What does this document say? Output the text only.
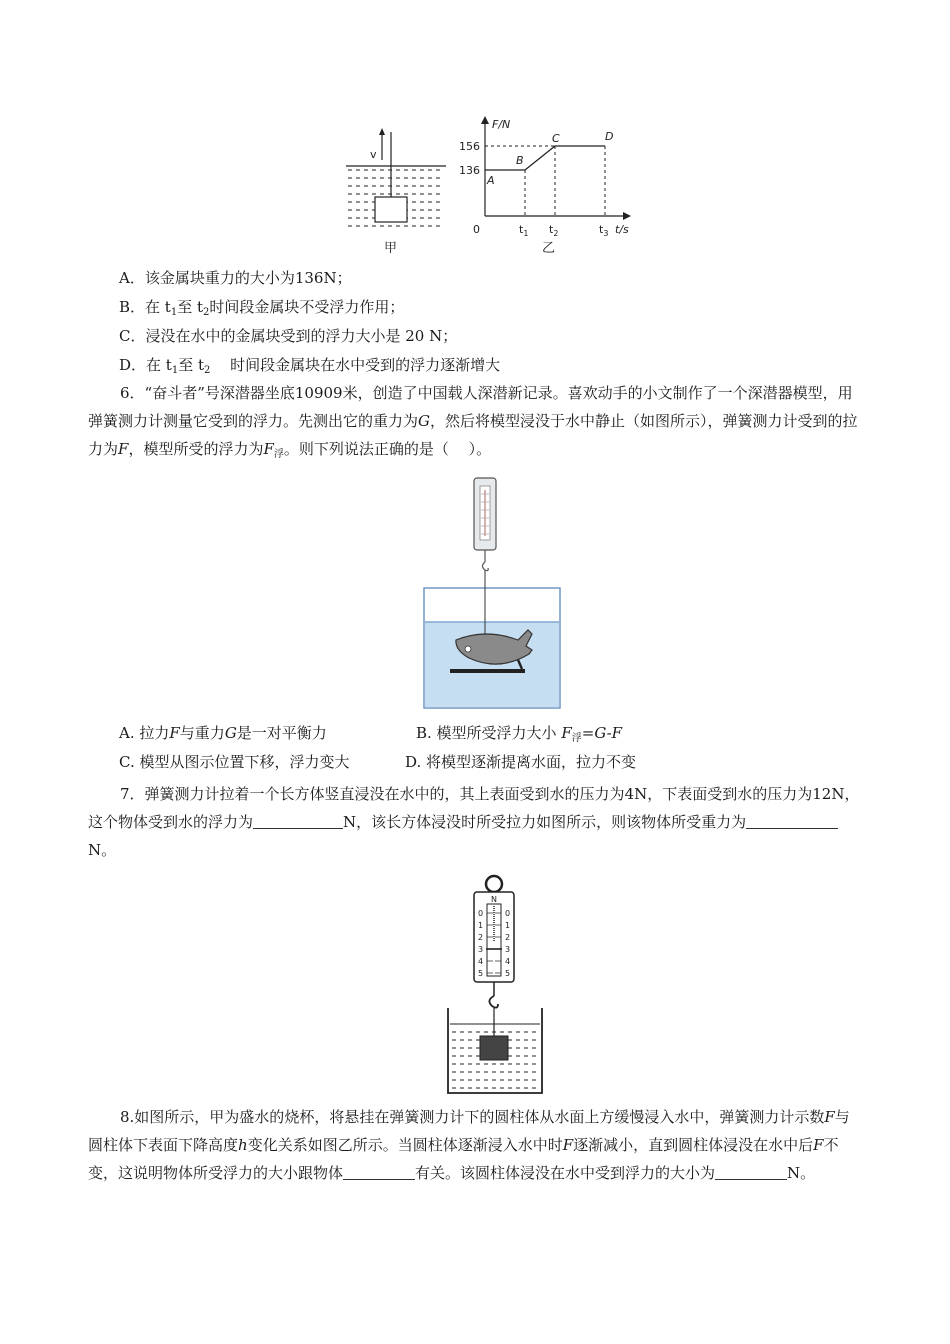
v
甲
F/N
t/s
0
156
136
A
B
C	D
$t_1$ $t_2$	$t_3$
乙
A．该金属块重力的大小为136N；
B．在 $t_1$至 $t_2$时间段金属块不受浮力作用；
C．浸没在水中的金属块受到的浮力大小是 20 N；
D．在 $t_1$至 $t_2$　 时间段金属块在水中受到的浮力逐渐增大
6．“奋斗者”号深潜器坐底10909米，创造了中国载人深潜新记录。喜欢动手的小文制作了一个深潜器模型，用弹簧测力计测量它受到的浮力。先测出它的重力为G，然后将模型浸没于水中静止（如图所示），弹簧测力计受到的拉力为F，模型所受的浮力为$F_浮$。则下列说法正确的是（　 ）。
A. 拉力F与重力G是一对平衡力	B. 模型所受浮力大小 $F_浮=G-F$
C. 模型从图示位置下移，浮力变大	D. 将模型逐渐提离水面，拉力不变
7．弹簧测力计拉着一个长方体竖直浸没在水中的，其上表面受到水的压力为4N，下表面受到水的压力为12N，这个物体受到水的浮力为	N，该长方体浸没时所受拉力如图所示，则该物体所受重力为N。
N
0
1
2
3
4
5
0
1
2
3
4
5
8.如图所示，甲为盛水的烧杯，将悬挂在弹簧测力计下的圆柱体从水面上方缓慢浸入水中，弹簧测力计示数F与圆柱体下表面下降高度h变化关系如图乙所示。当圆柱体逐渐浸入水中时F逐渐减小，直到圆柱体浸没在水中后F不变，这说明物体所受浮力的大小跟物体	有关。该圆柱体浸没在水中受到浮力的大小为	N。
